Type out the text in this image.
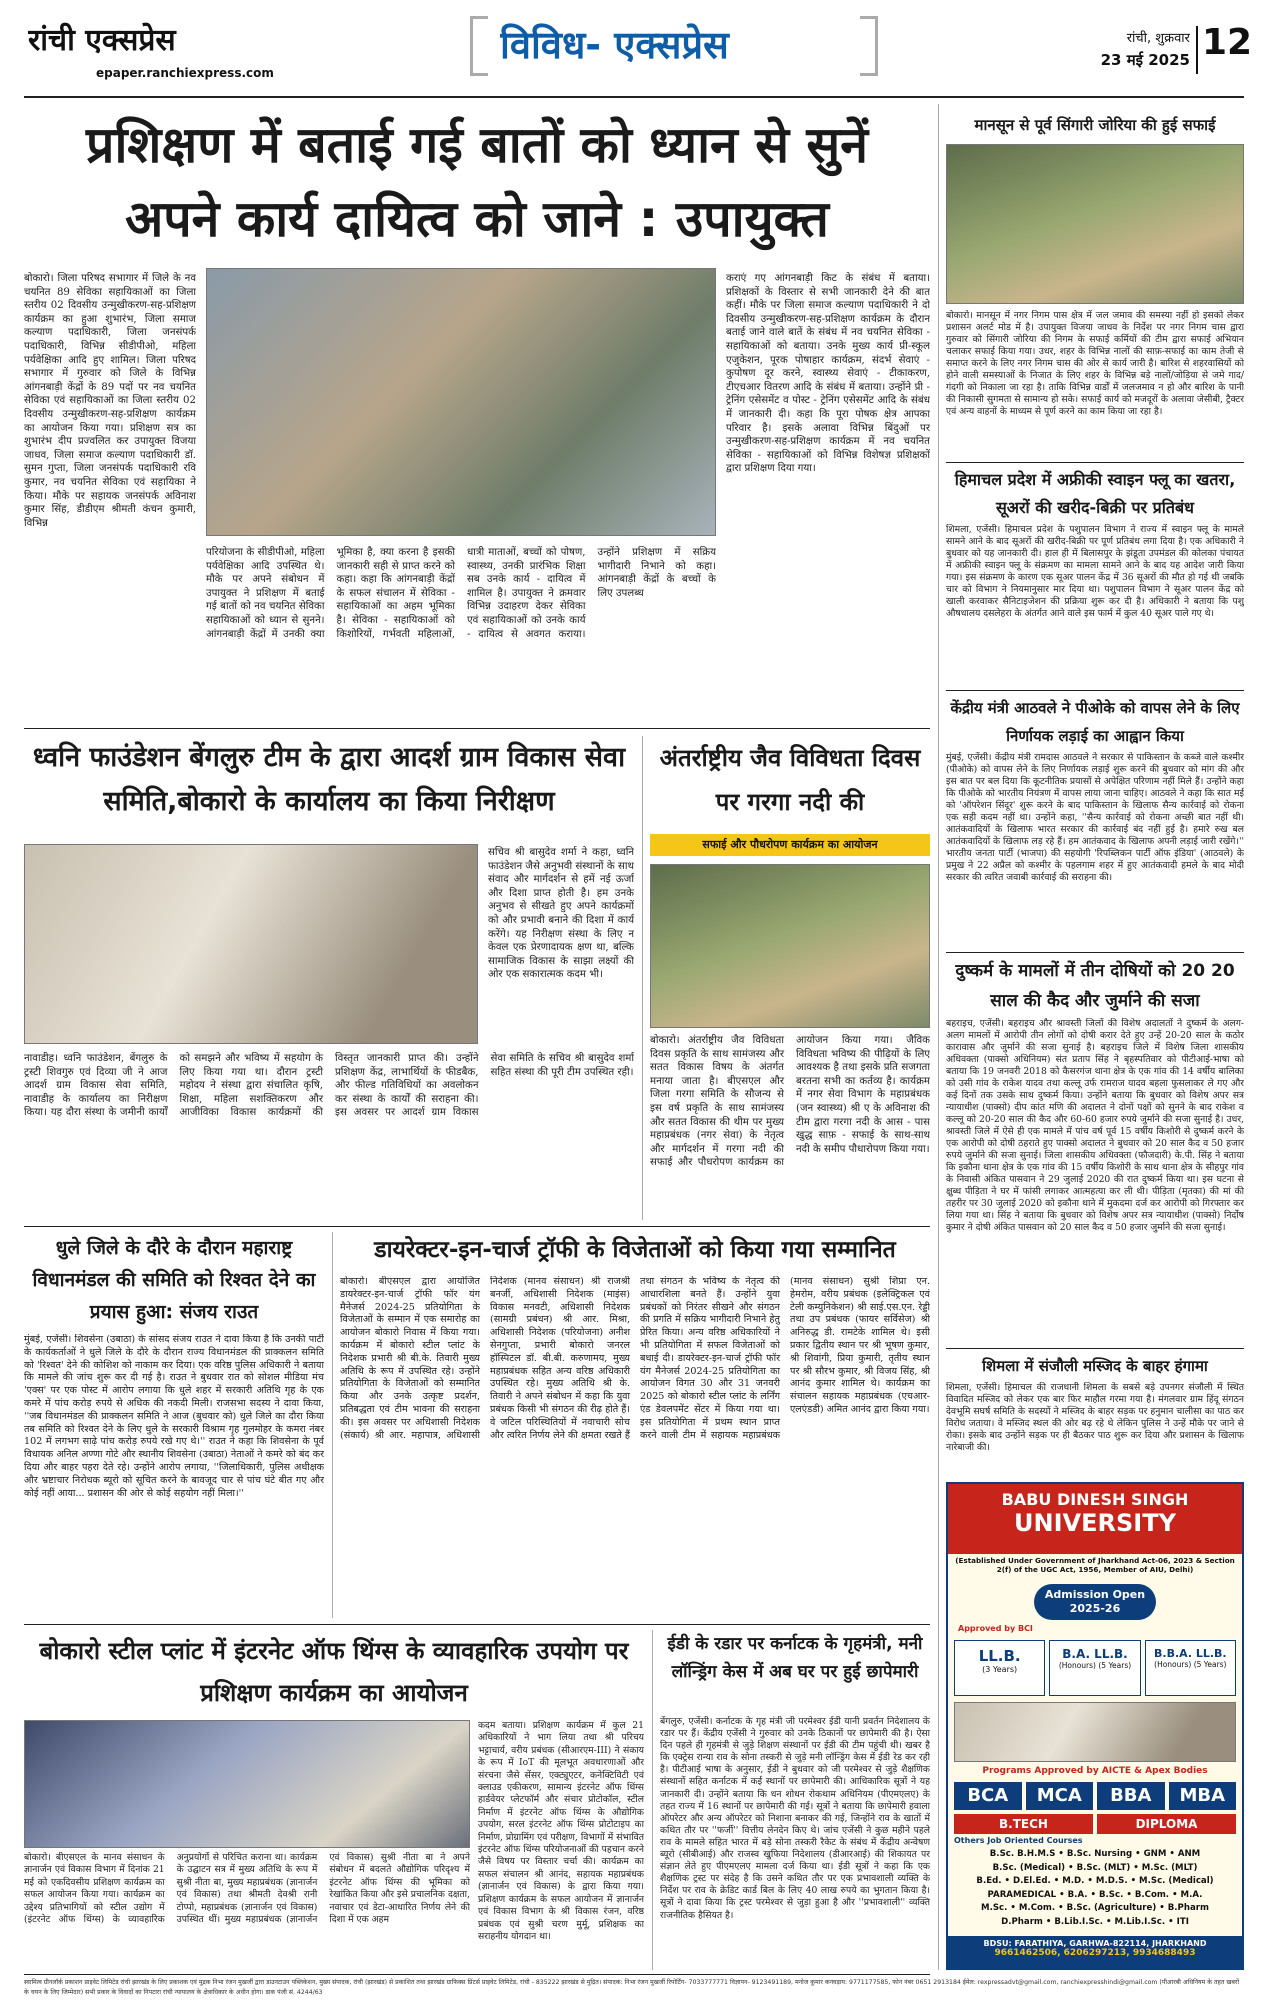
रांची एक्सप्रेस
epaper.ranchiexpress.com
विविध- एक्सप्रेस	रांची, शुक्रवार
23 मई 2025 12
प्रशिक्षण में बताई गई बातों को ध्यान से सुनें
अपने कार्य दायित्व को जाने : उपायुक्त
बोकारो। जिला परिषद सभागार में जिले के नव चयनित 89 सेविका सहायिकाओं का जिला स्तरीय 02 दिवसीय उन्मुखीकरण-सह-प्रशिक्षण कार्यक्रम का हुआ शुभारंभ, जिला समाज कल्याण पदाधिकारी, जिला जनसंपर्क पदाधिकारी, विभिन्न सीडीपीओ, महिला पर्यवेक्षिका आदि हुए शामिल। जिला परिषद सभागार में गुरुवार को जिले के विभिन्न आंगनबाड़ी केंद्रों के 89 पदों पर नव चयनित सेविका एवं सहायिकाओं का जिला स्तरीय 02 दिवसीय उन्मुखीकरण-सह-प्रशिक्षण कार्यक्रम का आयोजन किया गया। प्रशिक्षण सत्र का शुभारंभ दीप प्रज्वलित कर उपायुक्त विजया जाधव, जिला समाज कल्याण पदाधिकारी डॉ. सुमन गुप्ता, जिला जनसंपर्क पदाधिकारी रवि कुमार, नव चयनित सेविका एवं सहायिका ने किया। मौके पर सहायक जनसंपर्क अविनाश कुमार सिंह, डीडीएम श्रीमती कंचन कुमारी, विभिन्न
परियोजना के सीडीपीओ, महिला पर्यवेक्षिका आदि उपस्थित थे। मौके पर अपने संबोधन में उपायुक्त ने प्रशिक्षण में बताई गई बातों को नव चयनित सेविका सहायिकाओं को ध्यान से सुनने। आंगनबाड़ी केंद्रों में उनकी क्या भूमिका है, क्या करना है इसकी जानकारी सही से प्राप्त करने को कहा। कहा कि आंगनबाड़ी केंद्रों के सफल संचालन में सेविका - सहायिकाओं का अहम भूमिका है। सेविका - सहायिकाओं को किशोरियों, गर्भवती महिलाओं, धात्री माताओं, बच्चों को पोषण, स्वास्थ्य, उनकी प्रारंभिक शिक्षा सब उनके कार्य - दायित्व में शामिल है। उपायुक्त ने क्रमवार विभिन्न उदाहरण देकर सेविका एवं सहायिकाओं को उनके कार्य - दायित्व से अवगत कराया। उन्होंने प्रशिक्षण में सक्रिय भागीदारी निभाने को कहा। आंगनबाड़ी केंद्रों के बच्चों के लिए उपलब्ध
कराएं गए आंगनबाड़ी किट के संबंध में बताया। प्रशिक्षकों के विस्तार से सभी जानकारी देने की बात कहीं। मौके पर जिला समाज कल्याण पदाधिकारी ने दो दिवसीय उन्मुखीकरण-सह-प्रशिक्षण कार्यक्रम के दौरान बताई जाने वाले बातें के संबंध में नव चयनित सेविका - सहायिकाओं को बताया। उनके मुख्य कार्य प्री-स्कूल एजुकेशन, पूरक पोषाहार कार्यक्रम, संदर्भ सेवाएं - कुपोषण दूर करने, स्वास्थ्य सेवाएं - टीकाकरण, टीएचआर वितरण आदि के संबंध में बताया। उन्होंने प्री - ट्रेनिंग एसेसमेंट व पोस्ट - ट्रेनिंग एसेसमेंट आदि के संबंध में जानकारी दी। कहा कि पूरा पोषक क्षेत्र आपका परिवार है। इसके अलावा विभिन्न बिंदुओं पर उन्मुखीकरण-सह-प्रशिक्षण कार्यक्रम में नव चयनित सेविका - सहायिकाओं को विभिन्न विशेषज्ञ प्रशिक्षकों द्वारा प्रशिक्षण दिया गया।
ध्वनि फाउंडेशन बेंगलुरु टीम के द्वारा आदर्श ग्राम विकास सेवा समिति,बोकारो के कार्यालय का किया निरीक्षण
नावाडीह। ध्वनि फाउंडेशन, बेंगलुरु के ट्रस्टी शिवगुरु एवं दिव्या जी ने आज आदर्श ग्राम विकास सेवा समिति, नावाडीह के कार्यालय का निरीक्षण किया। यह दौरा संस्था के जमीनी कार्यों को समझने और भविष्य में सहयोग के लिए किया गया था। दौरान ट्रस्टी महोदय ने संस्था द्वारा संचालित कृषि, शिक्षा, महिला सशक्तिकरण और आजीविका विकास कार्यक्रमों की विस्तृत जानकारी प्राप्त की। उन्होंने प्रशिक्षण केंद्र, लाभार्थियों के फीडबैक, और फील्ड गतिविधियों का अवलोकन कर संस्था के कार्यों की सराहना की। इस अवसर पर आदर्श ग्राम विकास सेवा समिति के सचिव श्री बासुदेव शर्मा सहित संस्था की पूरी टीम उपस्थित रही।
सचिव श्री बासुदेव शर्मा ने कहा, ध्वनि फाउंडेशन जैसे अनुभवी संस्थानों के साथ संवाद और मार्गदर्शन से हमें नई ऊर्जा और दिशा प्राप्त होती है। हम उनके अनुभव से सीखते हुए अपने कार्यक्रमों को और प्रभावी बनाने की दिशा में कार्य करेंगे। यह निरीक्षण संस्था के लिए न केवल एक प्रेरणादायक क्षण था, बल्कि सामाजिक विकास के साझा लक्ष्यों की ओर एक सकारात्मक कदम भी।
अंतर्राष्ट्रीय जैव विविधता दिवस पर गरगा नदी की
सफाई और पौधरोपण कार्यक्रम का आयोजन
बोकारो। अंतर्राष्ट्रीय जैव विविधता दिवस प्रकृति के साथ सामंजस्य और सतत विकास विषय के अंतर्गत मनाया जाता है। बीएसएल और जिला गरगा समिति के सौजन्य से इस वर्ष प्रकृति के साथ सामंजस्य और सतत विकास की थीम पर मुख्य महाप्रबंधक (नगर सेवा) के नेतृत्व और मार्गदर्शन में गरगा नदी की सफाई और पौधरोपण कार्यक्रम का आयोजन किया गया। जैविक विविधता भविष्य की पीढ़ियों के लिए आवश्यक है तथा इसके प्रति सजगता बरतना सभी का कर्तव्य है। कार्यक्रम में नगर सेवा विभाग के महाप्रबंधक (जन स्वास्थ्य) श्री ए के अविनाश की टीम द्वारा गरगा नदी के आस - पास खुद्ध साफ़ - सफाई के साथ-साथ नदी के समीप पौधारोपण किया गया।
धुले जिले के दौरे के दौरान महाराष्ट्र विधानमंडल की समिति को रिश्वत देने का प्रयास हुआ: संजय राउत
मुंबई, एजेंसी। शिवसेना (उबाठा) के सांसद संजय राउत ने दावा किया है कि उनकी पार्टी के कार्यकर्ताओं ने धुले जिले के दौरे के दौरान राज्य विधानमंडल की प्राक्कलन समिति को 'रिश्वत' देने की कोशिश को नाकाम कर दिया। एक वरिष्ठ पुलिस अधिकारी ने बताया कि मामले की जांच शुरू कर दी गई है। राउत ने बुधवार रात को सोशल मीडिया मंच 'एक्स' पर एक पोस्ट में आरोप लगाया कि धुले शहर में सरकारी अतिथि गृह के एक कमरे में पांच करोड़ रुपये से अधिक की नकदी मिली। राजसभा सदस्य ने दावा किया, ''जब विधानमंडल की प्राक्कलन समिति ने आज (बुधवार को) धुले जिले का दौरा किया तब समिति को रिश्वत देने के लिए धुले के सरकारी विश्राम गृह गुलमोहर के कमरा नंबर 102 में लगभग साढ़े पांच करोड़ रुपये रखे गए थे।'' राउत ने कहा कि शिवसेना के पूर्व विधायक अनिल अण्णा गोटे और स्थानीय शिवसेना (उबाठा) नेताओं ने कमरे को बंद कर दिया और बाहर पहरा देते रहे। उन्होंने आरोप लगाया, ''जिलाधिकारी, पुलिस अधीक्षक और भ्रष्टाचार निरोधक ब्यूरो को सूचित करने के बावजूद चार से पांच घंटे बीत गए और कोई नहीं आया... प्रशासन की ओर से कोई सहयोग नहीं मिला।''
डायरेक्टर-इन-चार्ज ट्रॉफी के विजेताओं को किया गया सम्मानित
बोकारो। बीएसएल द्वारा आयोजित डायरेक्टर-इन-चार्ज ट्रॉफी फॉर यंग मैनेजर्स 2024-25 प्रतियोगिता के विजेताओं के सम्मान में एक समारोह का आयोजन बोकारो निवास में किया गया। कार्यक्रम में बोकारो स्टील प्लांट के निदेशक प्रभारी श्री बी.के. तिवारी मुख्य अतिथि के रूप में उपस्थित रहे। उन्होंने प्रतियोगिता के विजेताओं को सम्मानित किया और उनके उत्कृष्ट प्रदर्शन, प्रतिबद्धता एवं टीम भावना की सराहना की। इस अवसर पर अधिशासी निदेशक (संकार्य) श्री आर. महापात्र, अधिशासी निदेशक (मानव संसाधन) श्री राजश्री बनर्जी, अधिशासी निदेशक (माइंस) विकास मनवटी, अधिशासी निदेशक (सामग्री प्रबंधन) श्री आर. मिश्रा, अधिशासी निदेशक (परियोजना) अनीश सेनगुप्ता, प्रभारी बोकारो जनरल हॉस्पिटल डॉ. बी.बी. करुणामय, मुख्य महाप्रबंधक सहित अन्य वरिष्ठ अधिकारी उपस्थित रहे। मुख्य अतिथि श्री के. तिवारी ने अपने संबोधन में कहा कि युवा प्रबंधक किसी भी संगठन की रीढ़ होते हैं। वे जटिल परिस्थितियों में नवाचारी सोच और त्वरित निर्णय लेने की क्षमता रखते हैं तथा संगठन के भविष्य के नेतृत्व की आधारशिला बनते हैं। उन्होंने युवा प्रबंधकों को निरंतर सीखने और संगठन की प्रगति में सक्रिय भागीदारी निभाने हेतु प्रेरित किया। अन्य वरिष्ठ अधिकारियों ने भी प्रतियोगिता में सफल विजेताओं को बधाई दी। डायरेक्टर-इन-चार्ज ट्रॉफी फॉर यंग मैनेजर्स 2024-25 प्रतियोगिता का आयोजन विगत 30 और 31 जनवरी 2025 को बोकारो स्टील प्लांट के लर्निंग एंड डेवलपमेंट सेंटर में किया गया था। इस प्रतियोगिता में प्रथम स्थान प्राप्त करने वाली टीम में सहायक महाप्रबंधक (मानव संसाधन) सुश्री शिप्रा एन. हेमरोम, वरीय प्रबंधक (इलेक्ट्रिकल एवं टेली कम्युनिकेशन) श्री साई.एस.एन. रेड्डी तथा उप प्रबंधक (फायर सर्विसेज) श्री अनिरुद्ध डी. रामटेके शामिल थे। इसी प्रकार द्वितीय स्थान पर श्री भूषण कुमार, श्री शिवांगी, प्रिया कुमारी, तृतीय स्थान पर श्री सौरभ कुमार, श्री विजय सिंह, श्री आनंद कुमार शामिल थे। कार्यक्रम का संचालन सहायक महाप्रबंधक (एचआर-एलएंडडी) अमित आनंद द्वारा किया गया।
बोकारो स्टील प्लांट में इंटरनेट ऑफ थिंग्स के व्यावहारिक उपयोग पर प्रशिक्षण कार्यक्रम का आयोजन
बोकारो। बीएसएल के मानव संसाधन के ज्ञानार्जन एवं विकास विभाग में दिनांक 21 मई को एकदिवसीय प्रशिक्षण कार्यक्रम का सफल आयोजन किया गया। कार्यक्रम का उद्देश्य प्रतिभागियों को स्टील उद्योग में (इंटरनेट ऑफ थिंग्स) के व्यावहारिक अनुप्रयोगों से परिचित कराना था। कार्यक्रम के उद्घाटन सत्र में मुख्य अतिथि के रूप में सुश्री नीता बा, मुख्य महाप्रबंधक (ज्ञानार्जन एवं विकास) तथा श्रीमती देवश्री रानी टोप्पो, महाप्रबंधक (ज्ञानार्जन एवं विकास) उपस्थित थीं। मुख्य महाप्रबंधक (ज्ञानार्जन एवं विकास) सुश्री नीता बा ने अपने संबोधन में बदलते औद्योगिक परिदृश्य में इंटरनेट ऑफ थिंग्स की भूमिका को रेखांकित किया और इसे प्रचालनिक दक्षता, नवाचार एवं डेटा-आधारित निर्णय लेने की दिशा में एक अहम
कदम बताया। प्रशिक्षण कार्यक्रम में कुल 21 अधिकारियों ने भाग लिया तथा श्री परिचय भट्टाचार्य, वरीय प्रबंधक (सीआरएम-III) ने संकाय के रूप में IoT की मूलभूत अवधारणाओं और संरचना जैसे सेंसर, एक्ट्युएटर, कनेक्टिविटी एवं क्लाउड एकीकरण, सामान्य इंटरनेट ऑफ थिंग्स हार्डवेयर प्लेटफॉर्म और संचार प्रोटोकॉल, स्टील निर्माण में इंटरनेट ऑफ थिंग्स के औद्योगिक उपयोग, सरल इंटरनेट ऑफ थिंग्स प्रोटोटाइप का निर्माण, प्रोग्रामिंग एवं परीक्षण, विभागों में संभावित इंटरनेट ऑफ थिंग्स परियोजनाओं की पहचान करने जैसे विषय पर विस्तार चर्चा की। कार्यक्रम का सफल संचालन श्री आनंद, सहायक महाप्रबंधक (ज्ञानार्जन एवं विकास) के द्वारा किया गया। प्रशिक्षण कार्यक्रम के सफल आयोजन में ज्ञानार्जन एवं विकास विभाग के श्री विकास रंजन, वरिष्ठ प्रबंधक एवं सुश्री चरण मुर्मू, प्रशिक्षक का सराहनीय योगदान था।
ईडी के रडार पर कर्नाटक के गृहमंत्री, मनी लॉन्ड्रिंग केस में अब घर पर हुई छापेमारी
बेंगलुरु, एजेंसी। कर्नाटक के गृह मंत्री जी परमेश्वर ईडी यानी प्रवर्तन निदेशालय के रडार पर हैं। केंद्रीय एजेंसी ने गुरुवार को उनके ठिकानों पर छापेमारी की है। ऐसा दिन पहले ही गृहमंत्री से जुड़े शिक्षण संस्थानों पर ईडी की टीम पहुंची थी। खबर है कि एक्ट्रेस रान्या राव के सोना तस्करी से जुड़े मनी लॉन्ड्रिंग केस में ईडी रेड कर रही है। पीटीआई भाषा के अनुसार, ईडी ने बुधवार को जी परमेश्वर से जुड़े शैक्षणिक संस्थानों सहित कर्नाटक में कई स्थानों पर छापेमारी की। आधिकारिक सूत्रों ने यह जानकारी दी। उन्होंने बताया कि धन शोधन रोकथाम अधिनियम (पीएमएलए) के तहत राज्य में 16 स्थानों पर छापेमारी की गई। सूत्रों ने बताया कि छापेमारी हवाला ऑपरेटर और अन्य ऑपरेटर को निशाना बनाकर की गई, जिन्होंने राव के खातों में कथित तौर पर ''फर्जी'' वित्तीय लेनदेन किए थे। जांच एजेंसी ने कुछ महीने पहले राव के मामले सहित भारत में बड़े सोना तस्करी रैकेट के संबंध में केंद्रीय अन्वेषण ब्यूरो (सीबीआई) और राजस्व खुफिया निदेशालय (डीआरआई) की शिकायत पर संज्ञान लेते हुए पीएमएलए मामला दर्ज किया था। ईडी सूत्रों ने कहा कि एक शैक्षणिक ट्रस्ट पर संदेह है कि उसने कथित तौर पर एक प्रभावशाली व्यक्ति के निर्देश पर राव के क्रेडिट कार्ड बिल के लिए 40 लाख रुपये का भुगतान किया है। सूत्रों ने दावा किया कि ट्रस्ट परमेश्वर से जुड़ा हुआ है और ''प्रभावशाली'' व्यक्ति राजनीतिक हैसियत है।
मानसून से पूर्व सिंगारी जोरिया की हुई सफाई
बोकारो। मानसून में नगर निगम पास क्षेत्र में जल जमाव की समस्या नहीं हो इसको लेकर प्रशासन अलर्ट मोड में है। उपायुक्त विजया जाधव के निर्देश पर नगर निगम चास द्वारा गुरुवार को सिंगारी जोरिया की निगम के सफाई कर्मियों की टीम द्वारा सफाई अभियान चलाकर सफाई किया गया। उधर, शहर के विभिन्न नालों की साफ़-सफाई का काम तेजी से समाप्त करने के लिए नगर निगम चास की ओर से कार्य जारी है। बारिश से शहरवासियों को होने वाली समस्याओं के निजात के लिए शहर के विभिन्न बड़े नालों/जोड़िया से जमे गाद/गंदगी को निकाला जा रहा है। ताकि विभिन्न वार्डों में जलजमाव न हो और बारिश के पानी की निकासी सुगमता से सामान्य हो सके। सफाई कार्य को मजदूरों के अलावा जेसीबी, ट्रैक्टर एवं अन्य वाहनों के माध्यम से पूर्ण करने का काम किया जा रहा है।
हिमाचल प्रदेश में अफ्रीकी स्वाइन फ्लू का खतरा, सूअरों की खरीद-बिक्री पर प्रतिबंध
शिमला, एजेंसी। हिमाचल प्रदेश के पशुपालन विभाग ने राज्य में स्वाइन फ्लू के मामले सामने आने के बाद सूअरों की खरीद-बिक्री पर पूर्ण प्रतिबंध लगा दिया है। एक अधिकारी ने बुधवार को यह जानकारी दी। हाल ही में बिलासपुर के झंडूता उपमंडल की कोलका पंचायत में अफ्रीकी स्वाइन फ्लू के संक्रमण का मामला सामने आने के बाद यह आदेश जारी किया गया। इस संक्रमण के कारण एक सूअर पालन केंद्र में 36 सूअरों की मौत हो गई थी जबकि चार को विभाग ने नियमानुसार मार दिया था। पशुपालन विभाग ने सूअर पालन केंद्र को खाली करवाकर सैनिटाइजेशन की प्रक्रिया शुरू कर दी है। अधिकारी ने बताया कि पशु औषधालय दसलेहरा के अंतर्गत आने वाले इस फार्म में कुल 40 सूअर पाले गए थे।
केंद्रीय मंत्री आठवले ने पीओके को वापस लेने के लिए निर्णायक लड़ाई का आह्वान किया
मुंबई, एजेंसी। केंद्रीय मंत्री रामदास आठवले ने सरकार से पाकिस्तान के कब्जे वाले कश्मीर (पीओके) को वापस लेने के लिए निर्णायक लड़ाई शुरू करने की बुधवार को मांग की और इस बात पर बल दिया कि कूटनीतिक प्रयासों से अपेक्षित परिणाम नहीं मिले हैं। उन्होंने कहा कि पीओके को भारतीय नियंत्रण में वापस लाया जाना चाहिए। आठवले ने कहा कि सात मई को 'ऑपरेशन सिंदूर' शुरू करने के बाद पाकिस्तान के खिलाफ सैन्य कार्रवाई को रोकना एक सही कदम नहीं था। उन्होंने कहा, ''सैन्य कार्रवाई को रोकना अच्छी बात नहीं थी। आतंकवादियों के खिलाफ भारत सरकार की कार्रवाई बंद नहीं हुई है। हमारे रुख बल आतंकवादियों के खिलाफ लड़ रहे हैं। हम आतंकवाद के खिलाफ अपनी लड़ाई जारी रखेंगे।'' भारतीय जनता पार्टी (भाजपा) की सहयोगी 'रिपब्लिकन पार्टी ऑफ इंडिया' (आठवले) के प्रमुख ने 22 अप्रैल को कश्मीर के पहलगाम शहर में हुए आतंकवादी हमले के बाद मोदी सरकार की त्वरित जवाबी कार्रवाई की सराहना की।
दुष्कर्म के मामलों में तीन दोषियों को 20 20 साल की कैद और जुर्माने की सजा
बहराइच, एजेंसी। बहराइच और श्रावस्ती जिलों की विशेष अदालतों ने दुष्कर्म के अलग-अलग मामलों में आरोपी तीन लोगों को दोषी करार देते हुए उन्हें 20-20 साल के कठोर कारावास और जुर्माने की सजा सुनाई है। बहराइच जिले में विशेष जिला शासकीय अधिवक्ता (पाक्सो अधिनियम) संत प्रताप सिंह ने बृहस्पतिवार को पीटीआई-भाषा को बताया कि 19 जनवरी 2018 को कैसरगंज थाना क्षेत्र के एक गांव की 14 वर्षीय बालिका को उसी गांव के राकेश यादव तथा कल्लू उर्फ रामराज यादव बहला फुसलाकर ले गए और कई दिनों तक उसके साथ दुष्कर्म किया। उन्होंने बताया कि बुधवार को विशेष अपर सत्र न्यायाधीश (पाक्सो) दीप कांत मणि की अदालत ने दोनों पक्षों को सुनने के बाद राकेश व कल्लू को 20-20 साल की कैद और 60-60 हजार रुपये जुर्माने की सजा सुनाई है। उधर, श्रावस्ती जिले में ऐसे ही एक मामले में पांच वर्ष पूर्व 15 वर्षीय किशोरी से दुष्कर्म करने के एक आरोपी को दोषी ठहराते हुए पाक्सो अदालत ने बुधवार को 20 साल कैद व 50 हजार रुपये जुर्माने की सजा सुनाई। जिला शासकीय अधिवक्ता (फौजदारी) के.पी. सिंह ने बताया कि इकौना थाना क्षेत्र के एक गांव की 15 वर्षीय किशोरी के साथ थाना क्षेत्र के सीहपुर गांव के निवासी अंकित पासवान ने 29 जुलाई 2020 की रात दुष्कर्म किया था। इस घटना से क्षुब्ध पीड़िता ने घर में फांसी लगाकर आत्महत्या कर ली थी। पीड़िता (मृतका) की मां की तहरीर पर 30 जुलाई 2020 को इकौना थाने में मुकदमा दर्ज कर आरोपी को गिरफ्तार कर लिया गया था। सिंह ने बताया कि बुधवार को विशेष अपर सत्र न्यायाधीश (पाक्सो) निर्दोष कुमार ने दोषी अंकित पासवान को 20 साल कैद व 50 हजार जुर्माने की सजा सुनाई।
शिमला में संजौली मस्जिद के बाहर हंगामा
शिमला, एजेंसी। हिमाचल की राजधानी शिमला के सबसे बड़े उपनगर संजौली में स्थित विवादित मस्जिद को लेकर एक बार फिर माहौल गरमा गया है। मंगलवार ग्राम हिंदू संगठन देवभूमि सघर्ष समिति के सदस्यों ने मस्जिद के बाहर सड़क पर हनुमान चालीसा का पाठ कर विरोध जताया। वे मस्जिद स्थल की ओर बढ़ रहे थे लेकिन पुलिस ने उन्हें मौके पर जाने से रोका। इसके बाद उन्होंने सड़क पर ही बैठकर पाठ शुरू कर दिया और प्रशासन के खिलाफ नारेबाजी की।
BABU DINESH SINGH
UNIVERSITY
(Established Under Government of Jharkhand Act-06, 2023 & Section 2(f) of the UGC Act, 1956, Member of AIU, Delhi)
Admission Open 2025-26
Approved by BCI
LL.B.
(3 Years)
B.A. LL.B.
(Honours) (5 Years)
B.B.A. LL.B.
(Honours) (5 Years)
Programs Approved by AICTE & Apex Bodies
BCA	MCA	BBA	MBA
B.TECH	DIPLOMA
Others Job Oriented Courses
B.Sc. B.H.M.S • B.Sc. Nursing • GNM • ANM
B.Sc. (Medical) • B.Sc. (MLT) • M.Sc. (MLT)
B.Ed. • D.El.Ed. • M.D. • M.D.S. • M.Sc. (Medical)
PARAMEDICAL • B.A. • B.Sc. • B.Com. • M.A.
M.Sc. • M.Com. • B.Sc. (Agriculture) • B.Pharm
D.Pharm • B.Lib.I.Sc. • M.Lib.I.Sc. • ITI
BDSU: FARATHIYA, GARHWA-822114, JHARKHAND
9661462506, 6206297213, 9934688493
स्वामित्व ग्रीनलॉर्क प्रकाशन प्राइवेट लिमिटेड रांची झारखंड के लिए प्रकाशक एवं मुद्रक निभा रंजन मुखर्जी द्वारा डाउनटाउन पब्लिकेशन, मुख्य संपादक, रांची (झारखंड) से प्रकाशित तथा झारखंड ग्राफिक्स प्रिंटर्स प्राइवेट लिमिटेड, रांची - 835222 झारखंड से मुद्रित। संपादक: निभा रंजन मुखर्जी रिपोर्टिंग- 7033777771 विज्ञापन- 9123491189, मनोज कुमार कनवड़ाय: 9771177585, फोन नंबर 0651 2913184 ईमेल: rexpressadvt@gmail.com, ranchiexpresshindi@gmail.com (पीआरबी अधिनियम के तहत खबरों के चयन के लिए जिम्मेदार) सभी प्रकार के विवादों का निपटारा रांची न्यायालय के क्षेत्राधिकार के अधीन होगा। डाक पंजी सं. 4244/63
